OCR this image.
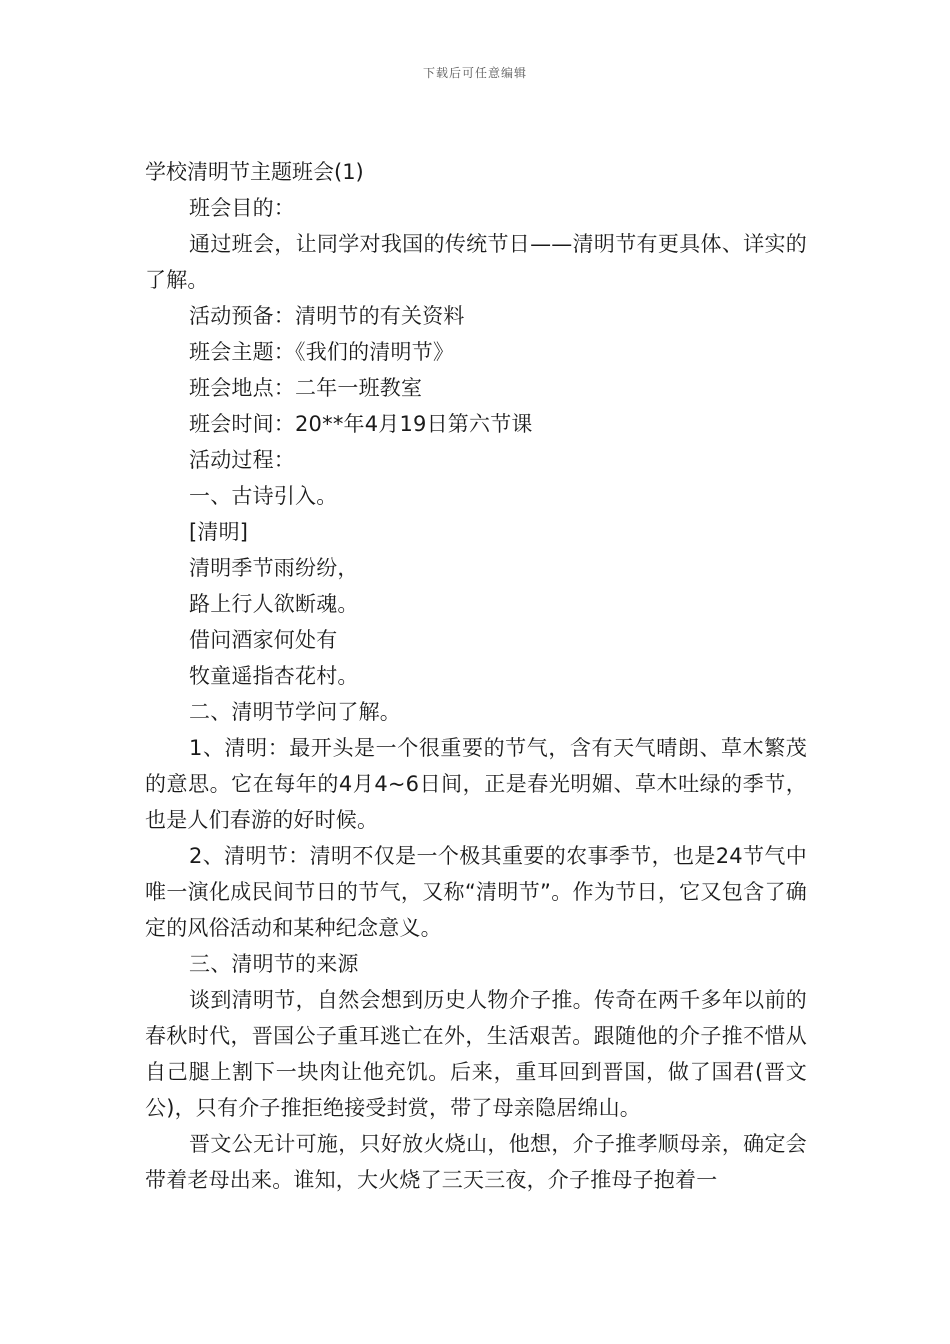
下载后可任意编辑
学校清明节主题班会(1)

班会目的：

通过班会，让同学对我国的传统节日——清明节有更具体、详实的了解。

活动预备：清明节的有关资料

班会主题：《我们的清明节》

班会地点：二年一班教室

班会时间：20**年4月19日第六节课

活动过程：

一、古诗引入。

[清明]

清明季节雨纷纷，

路上行人欲断魂。

借问酒家何处有

牧童遥指杏花村。

二、清明节学问了解。

1、清明：最开头是一个很重要的节气，含有天气晴朗、草木繁茂的意思。它在每年的4月4~6日间，正是春光明媚、草木吐绿的季节，也是人们春游的好时候。

2、清明节：清明不仅是一个极其重要的农事季节，也是24节气中唯一演化成民间节日的节气，又称“清明节”。作为节日，它又包含了确定的风俗活动和某种纪念意义。

三、清明节的来源

谈到清明节，自然会想到历史人物介子推。传奇在两千多年以前的春秋时代，晋国公子重耳逃亡在外，生活艰苦。跟随他的介子推不惜从自己腿上割下一块肉让他充饥。后来，重耳回到晋国，做了国君(晋文公)，只有介子推拒绝接受封赏，带了母亲隐居绵山。

晋文公无计可施，只好放火烧山，他想，介子推孝顺母亲，确定会带着老母出来。谁知，大火烧了三天三夜，介子推母子抱着一
